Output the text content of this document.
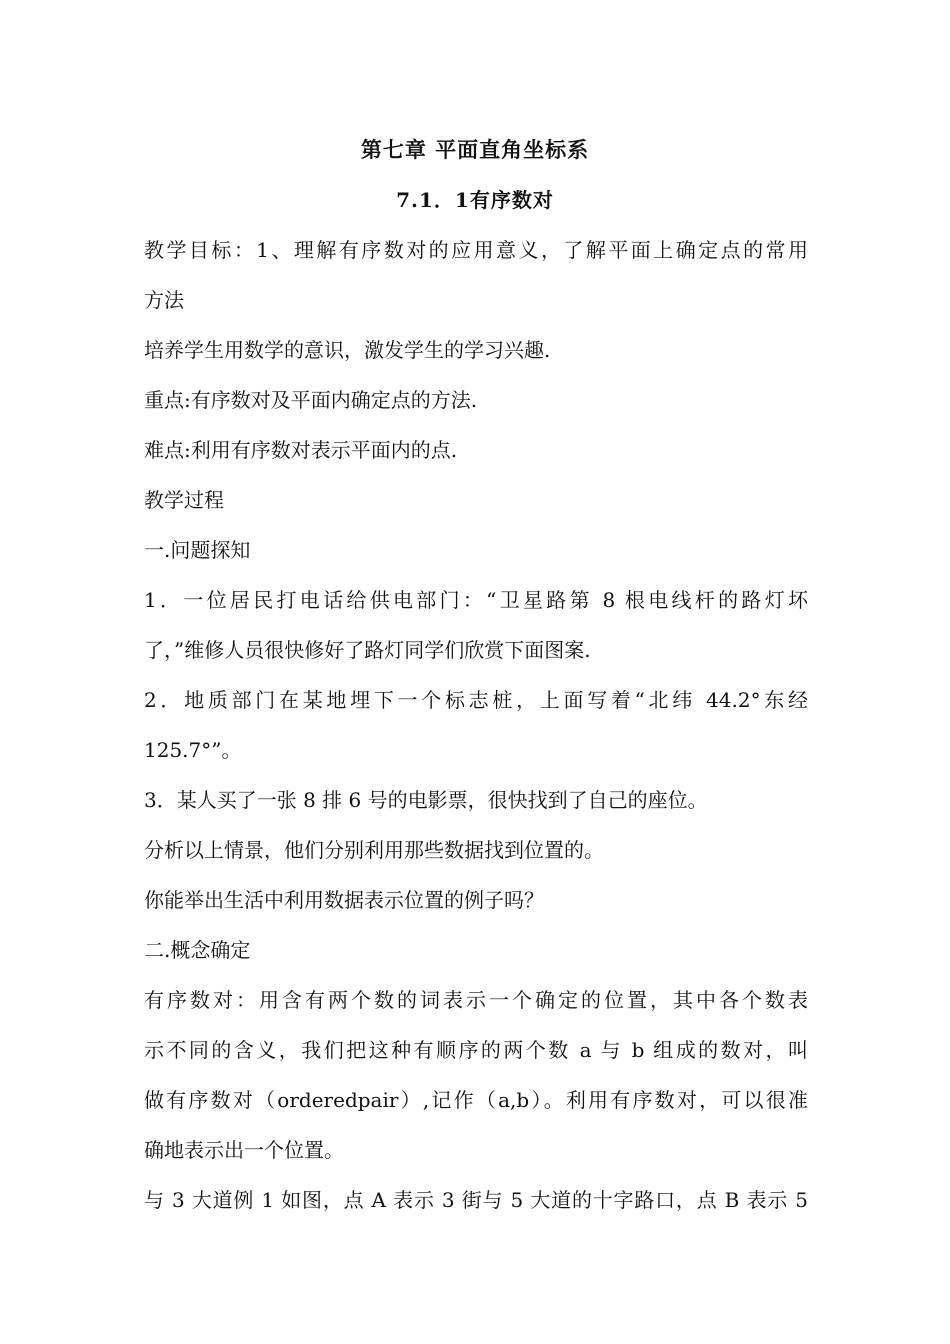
第七章 平面直角坐标系
7.1．1有序数对
教学目标：1、理解有序数对的应用意义，了解平面上确定点的常用
方法
培养学生用数学的意识，激发学生的学习兴趣.
重点:有序数对及平面内确定点的方法.
难点:利用有序数对表示平面内的点.
教学过程
一.问题探知
1．一位居民打电话给供电部门：“卫星路第 8 根电线杆的路灯坏
了，”维修人员很快修好了路灯同学们欣赏下面图案.
2．地质部门在某地埋下一个标志桩，上面写着“北纬 44.2°东经
125.7°”。
3．某人买了一张 8 排 6 号的电影票，很快找到了自己的座位。
分析以上情景，他们分别利用那些数据找到位置的。
你能举出生活中利用数据表示位置的例子吗？
二.概念确定
有序数对：用含有两个数的词表示一个确定的位置，其中各个数表
示不同的含义，我们把这种有顺序的两个数 a 与 b 组成的数对，叫
做有序数对（orderedpair）,记作（a,b）。利用有序数对，可以很准
确地表示出一个位置。
与 3 大道例 1 如图，点 A 表示 3 街与 5 大道的十字路口，点 B 表示 5
